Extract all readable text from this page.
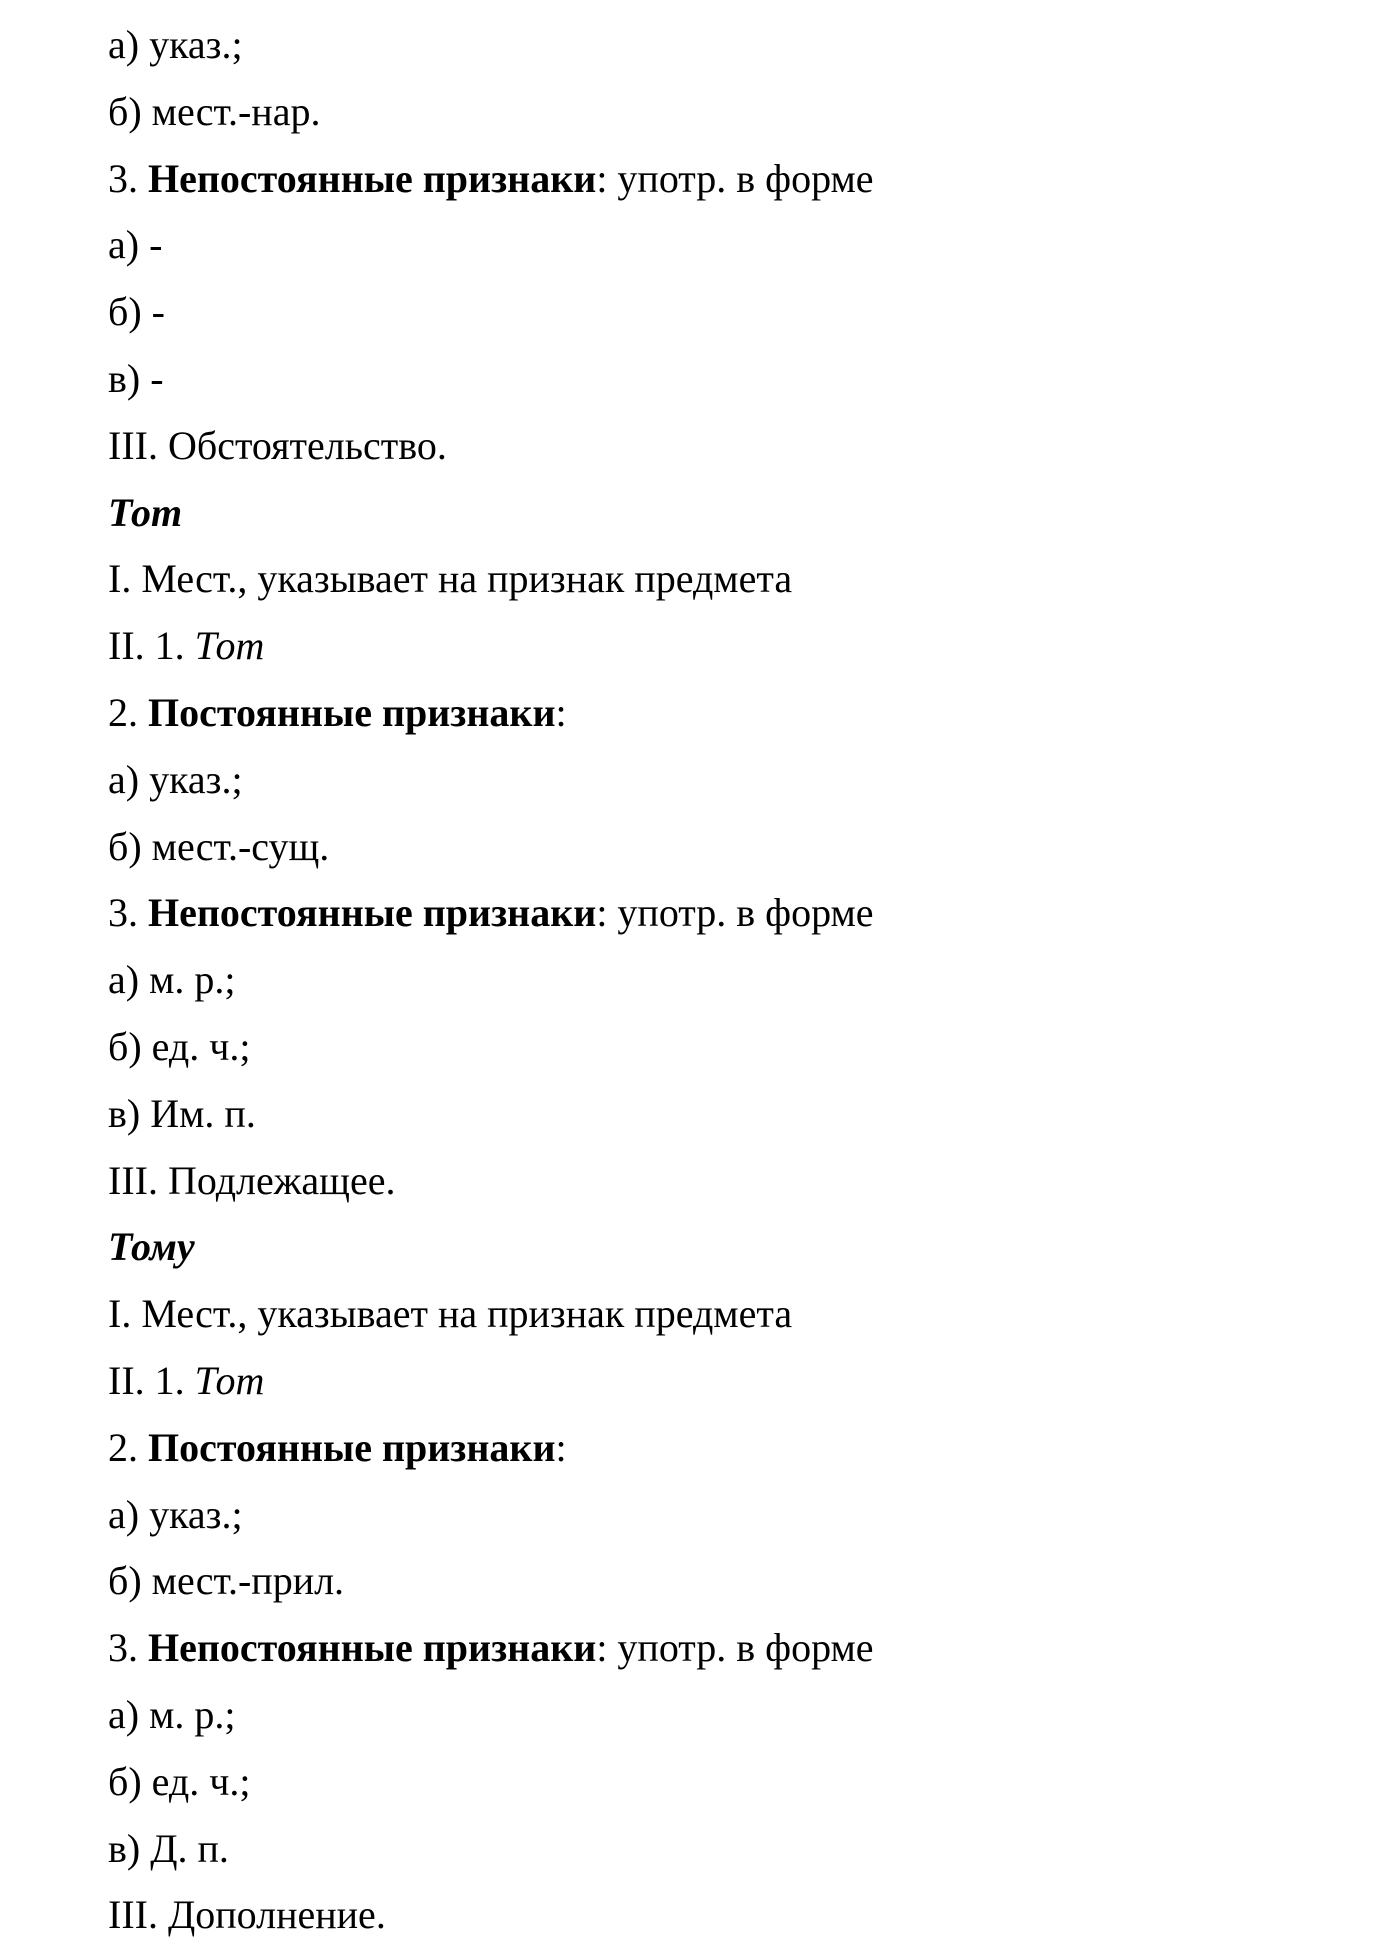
а) указ.;
б) мест.-нар.
3. Непостоянные признаки: употр. в форме
а) -
б) -
в) -
III. Обстоятельство.
Тот
I. Мест., указывает на признак предмета
II. 1. Тот
2. Постоянные признаки:
а) указ.;
б) мест.-сущ.
3. Непостоянные признаки: употр. в форме
а) м. р.;
б) ед. ч.;
в) Им. п.
III. Подлежащее.
Тому
I. Мест., указывает на признак предмета
II. 1. Тот
2. Постоянные признаки:
а) указ.;
б) мест.-прил.
3. Непостоянные признаки: употр. в форме
а) м. р.;
б) ед. ч.;
в) Д. п.
III. Дополнение.
